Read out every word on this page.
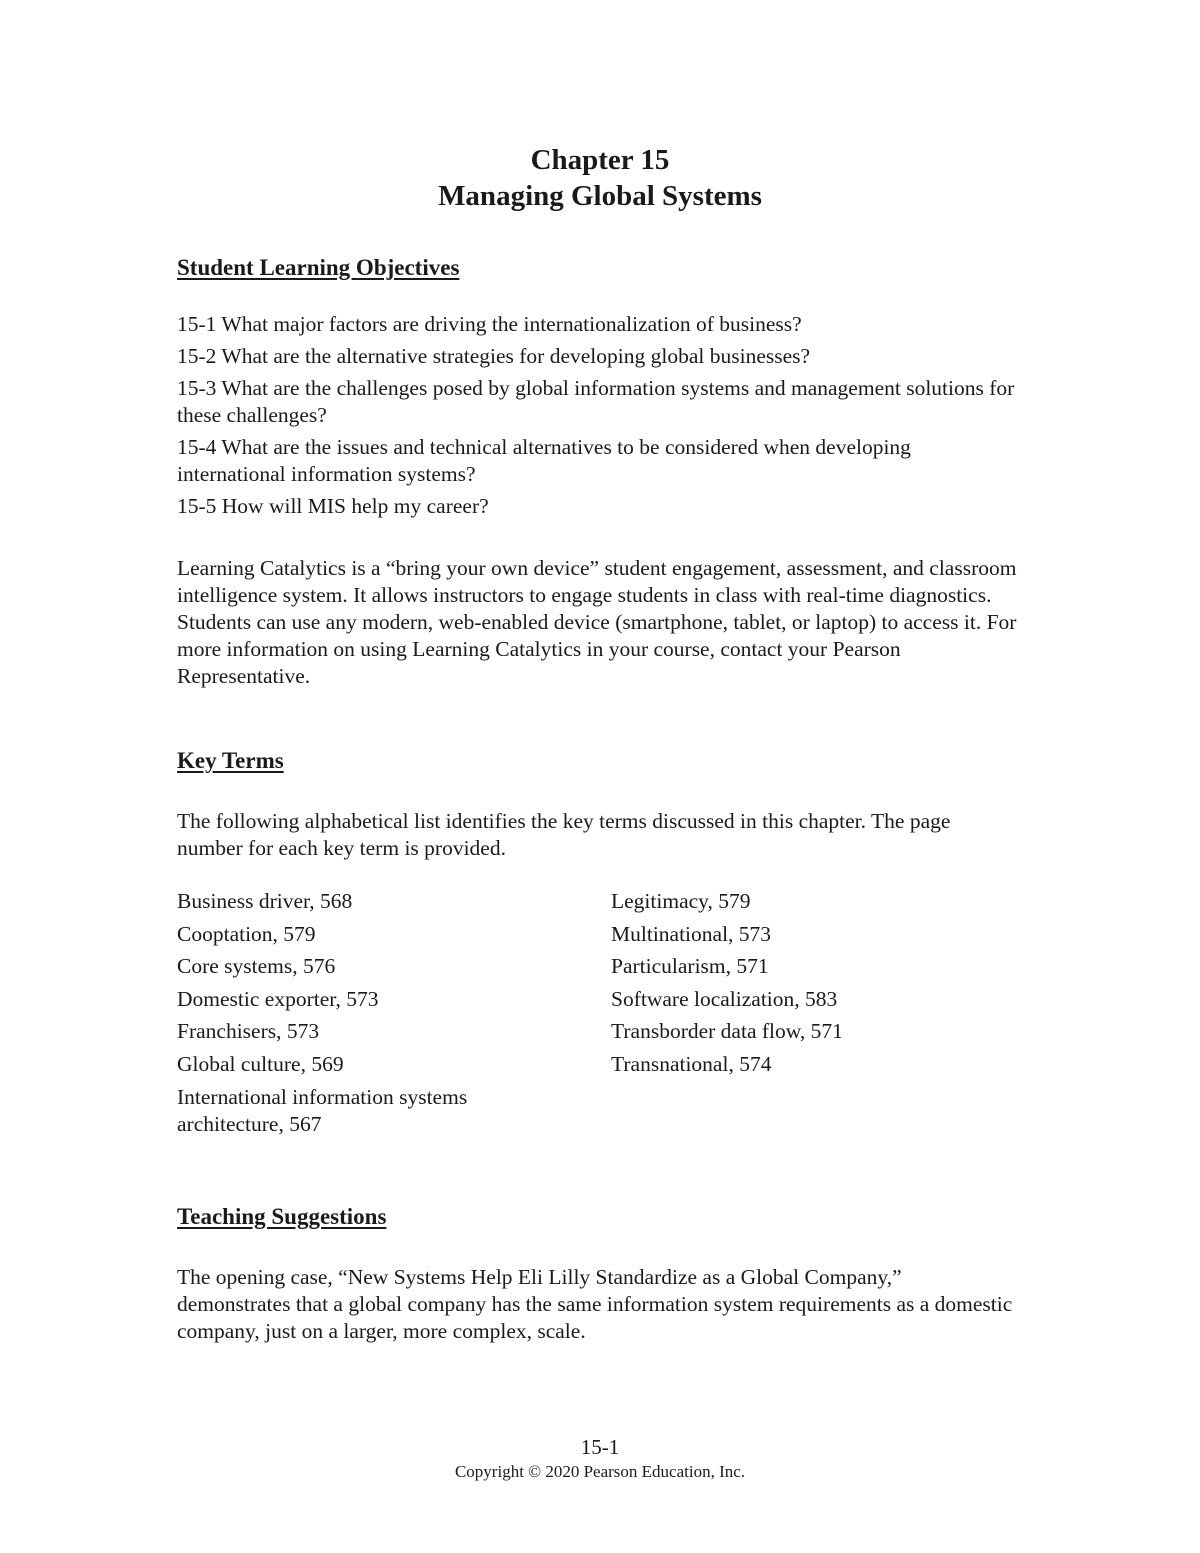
Chapter 15
Managing Global Systems
Student Learning Objectives
15-1 What major factors are driving the internationalization of business?
15-2 What are the alternative strategies for developing global businesses?
15-3 What are the challenges posed by global information systems and management solutions for these challenges?
15-4 What are the issues and technical alternatives to be considered when developing international information systems?
15-5 How will MIS help my career?
Learning Catalytics is a “bring your own device” student engagement, assessment, and classroom intelligence system. It allows instructors to engage students in class with real-time diagnostics. Students can use any modern, web-enabled device (smartphone, tablet, or laptop) to access it. For more information on using Learning Catalytics in your course, contact your Pearson Representative.
Key Terms
The following alphabetical list identifies the key terms discussed in this chapter. The page number for each key term is provided.
Business driver, 568
Cooptation, 579
Core systems, 576
Domestic exporter, 573
Franchisers, 573
Global culture, 569
International information systems architecture, 567
Legitimacy, 579
Multinational, 573
Particularism, 571
Software localization, 583
Transborder data flow, 571
Transnational, 574
Teaching Suggestions
The opening case, “New Systems Help Eli Lilly Standardize as a Global Company,” demonstrates that a global company has the same information system requirements as a domestic company, just on a larger, more complex, scale.
15-1
Copyright © 2020 Pearson Education, Inc.
